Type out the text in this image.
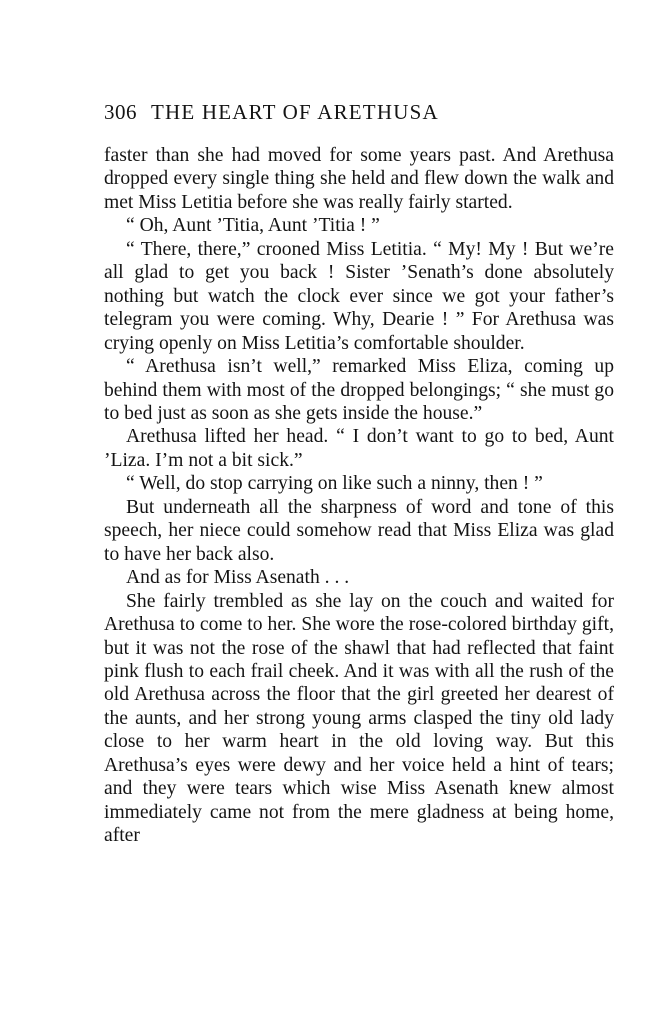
306 THE HEART OF ARETHUSA

faster than she had moved for some years past. And Arethusa dropped every single thing she held and flew down the walk and met Miss Letitia before she was really fairly started.

“ Oh, Aunt ’Titia, Aunt ’Titia ! ”

“ There, there,” crooned Miss Letitia. “ My! My ! But we’re all glad to get you back ! Sister ’Senath’s done absolutely nothing but watch the clock ever since we got your father’s telegram you were coming. Why, Dearie ! ” For Arethusa was crying openly on Miss Letitia’s comfortable shoulder.

“ Arethusa isn’t well,” remarked Miss Eliza, coming up behind them with most of the dropped belongings; “ she must go to bed just as soon as she gets inside the house.”

Arethusa lifted her head. “ I don’t want to go to bed, Aunt ’Liza. I’m not a bit sick.”

“ Well, do stop carrying on like such a ninny, then ! ”

But underneath all the sharpness of word and tone of this speech, her niece could somehow read that Miss Eliza was glad to have her back also.

And as for Miss Asenath . . .

She fairly trembled as she lay on the couch and waited for Arethusa to come to her. She wore the rose-colored birthday gift, but it was not the rose of the shawl that had reflected that faint pink flush to each frail cheek. And it was with all the rush of the old Arethusa across the floor that the girl greeted her dearest of the aunts, and her strong young arms clasped the tiny old lady close to her warm heart in the old loving way. But this Arethusa’s eyes were dewy and her voice held a hint of tears; and they were tears which wise Miss Asenath knew almost immediately came not from the mere gladness at being home, after
